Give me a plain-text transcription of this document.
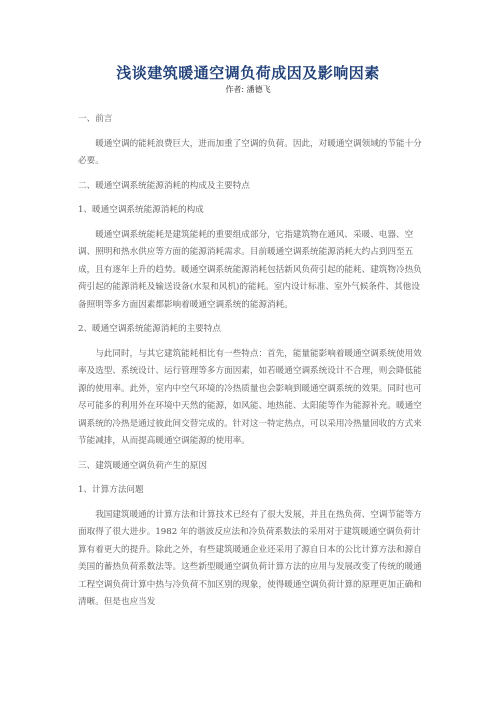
浅谈建筑暖通空调负荷成因及影响因素
作者: 潘德飞

一、前言

暖通空调的能耗浪费巨大，进而加重了空调的负荷。因此，对暖通空调领域的节能十分必要。

二、暖通空调系统能源消耗的构成及主要特点

1、暖通空调系统能源消耗的构成

暖通空调系统能耗是建筑能耗的重要组成部分，它指建筑物在通风、采暖、电器、空调、照明和热水供应等方面的能源消耗需求。目前暖通空调系统能源消耗大约占到四至五成，且有逐年上升的趋势。暖通空调系统能源消耗包括新风负荷引起的能耗、建筑物冷热负荷引起的能源消耗及输送设备(水泵和风机)的能耗。室内设计标准、室外气候条件、其他设备照明等多方面因素都影响着暖通空调系统的能源消耗。

2、暖通空调系统能源消耗的主要特点

与此同时，与其它建筑能耗相比有一些特点：首先，能量能影响着暖通空调系统使用效率及选型、系统设计、运行管理等多方面因素，如若暖通空调系统设计不合理，则会降低能源的使用率。此外，室内中空气环境的冷热质量也会影响到暖通空调系统的效果。同时也可尽可能多的利用外在环境中天然的能源，如风能、地热能、太阳能等作为能源补充。暖通空调系统的冷热是通过彼此间交替完成的。针对这一特定热点，可以采用冷热量回收的方式来节能减排，从而提高暖通空调能源的使用率。

三、建筑暖通空调负荷产生的原因

1、计算方法问题

我国建筑暖通的计算方法和计算技术已经有了很大发展，并且在热负荷、空调节能等方面取得了很大进步。1982 年的谐波反应法和冷负荷系数法的采用对于建筑暖通空调负荷计算有着更大的提升。除此之外，有些建筑暖通企业还采用了源自日本的公比计算方法和源自美国的蓄热负荷系数法等。这些新型暖通空调负荷计算方法的应用与发展改变了传统的暖通工程空调负荷计算中热与冷负荷不加区别的现象，使得暖通空调负荷计算的原理更加正确和清晰。但是也应当发
